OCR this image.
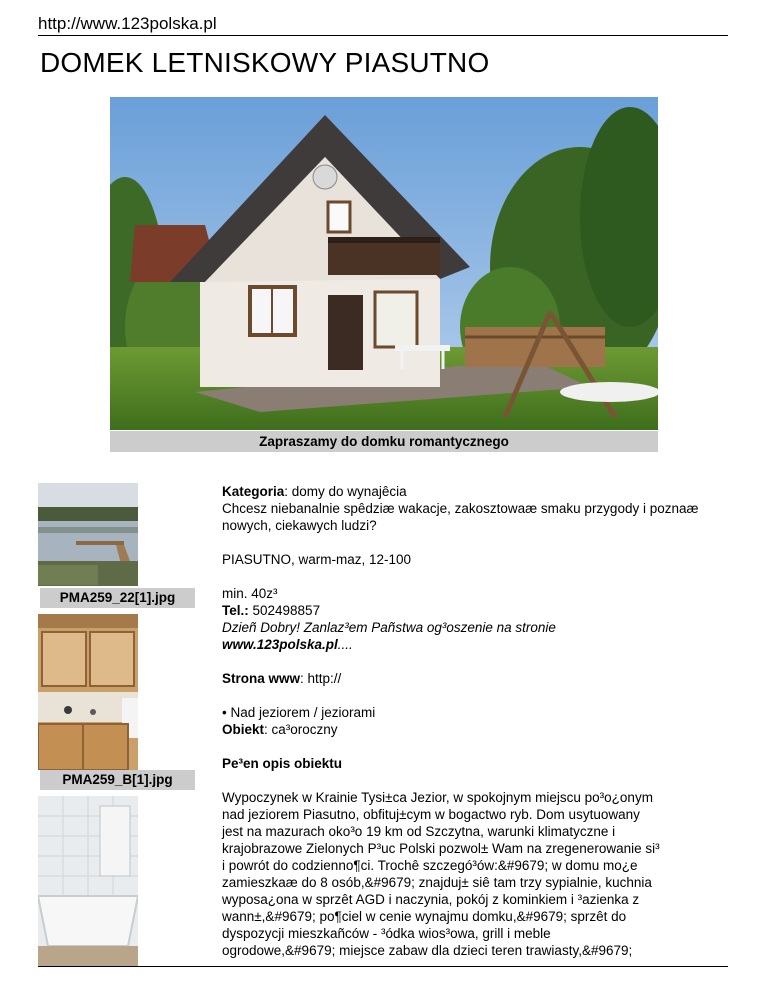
http://www.123polska.pl
DOMEK LETNISKOWY PIASUTNO
Zapraszamy do domku romantycznego
PMA259_22[1].jpg
PMA259_B[1].jpg

Kategoria: domy do wynajêcia

Chcesz niebanalnie spêdziæ wakacje, zakosztowaæ smaku przygody i poznaæ nowych, ciekawych ludzi?

PIASUTNO, warm-maz, 12-100

min. 40z³

Tel.: 502498857

Dzieñ Dobry! Zanlaz³em Pañstwa og³oszenie na stronie

www.123polska.pl....

Strona www: http://

• Nad jeziorem / jeziorami

Obiekt: ca³oroczny

Pe³en opis obiektu

Wypoczynek w Krainie Tysi±ca Jezior, w spokojnym miejscu po³o¿onym

nad jeziorem Piasutno, obfituj±cym w bogactwo ryb. Dom usytuowany

jest na mazurach oko³o 19 km od Szczytna, warunki klimatyczne i

krajobrazowe Zielonych P³uc Polski pozwol± Wam na zregenerowanie si³

i powrót do codzienno¶ci. Trochê szczegó³ów:&#9679; w domu mo¿e

zamieszkaæ do 8 osób,&#9679; znajduj± siê tam trzy sypialnie, kuchnia

wyposa¿ona w sprzêt AGD i naczynia, pokój z kominkiem i ³azienka z

wann±,&#9679; po¶ciel w cenie wynajmu domku,&#9679; sprzêt do

dyspozycji mieszkañców - ³ódka wios³owa, grill i meble

ogrodowe,&#9679; miejsce zabaw dla dzieci teren trawiasty,&#9679;
